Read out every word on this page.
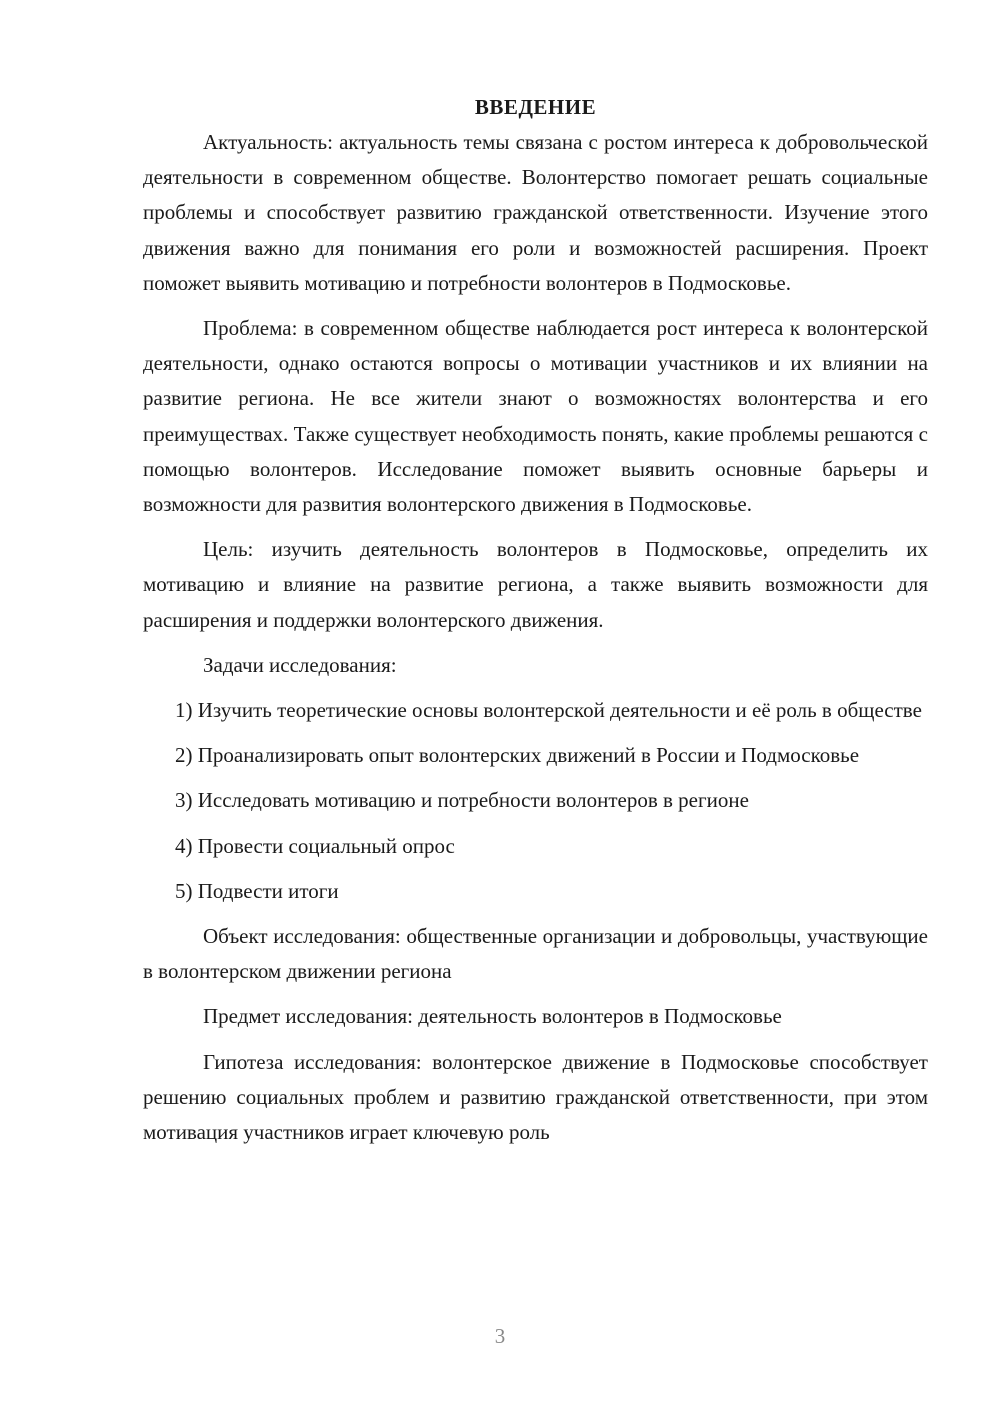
ВВЕДЕНИЕ

Актуальность: актуальность темы связана с ростом интереса к добровольческой деятельности в современном обществе. Волонтерство помогает решать социальные проблемы и способствует развитию гражданской ответственности. Изучение этого движения важно для понимания его роли и возможностей расширения. Проект поможет выявить мотивацию и потребности волонтеров в Подмосковье.

Проблема: в современном обществе наблюдается рост интереса к волонтерской деятельности, однако остаются вопросы о мотивации участников и их влиянии на развитие региона. Не все жители знают о возможностях волонтерства и его преимуществах. Также существует необходимость понять, какие проблемы решаются с помощью волонтеров. Исследование поможет выявить основные барьеры и возможности для развития волонтерского движения в Подмосковье.

Цель: изучить деятельность волонтеров в Подмосковье, определить их мотивацию и влияние на развитие региона, а также выявить возможности для расширения и поддержки волонтерского движения.

Задачи исследования:

1) Изучить теоретические основы волонтерской деятельности и её роль в обществе

2) Проанализировать опыт волонтерских движений в России и Подмосковье

3) Исследовать мотивацию и потребности волонтеров в регионе

4) Провести социальный опрос

5) Подвести итоги

Объект исследования: общественные организации и добровольцы, участвующие в волонтерском движении региона

Предмет исследования: деятельность волонтеров в Подмосковье

Гипотеза исследования: волонтерское движение в Подмосковье способствует решению социальных проблем и развитию гражданской ответственности, при этом мотивация участников играет ключевую роль

3
